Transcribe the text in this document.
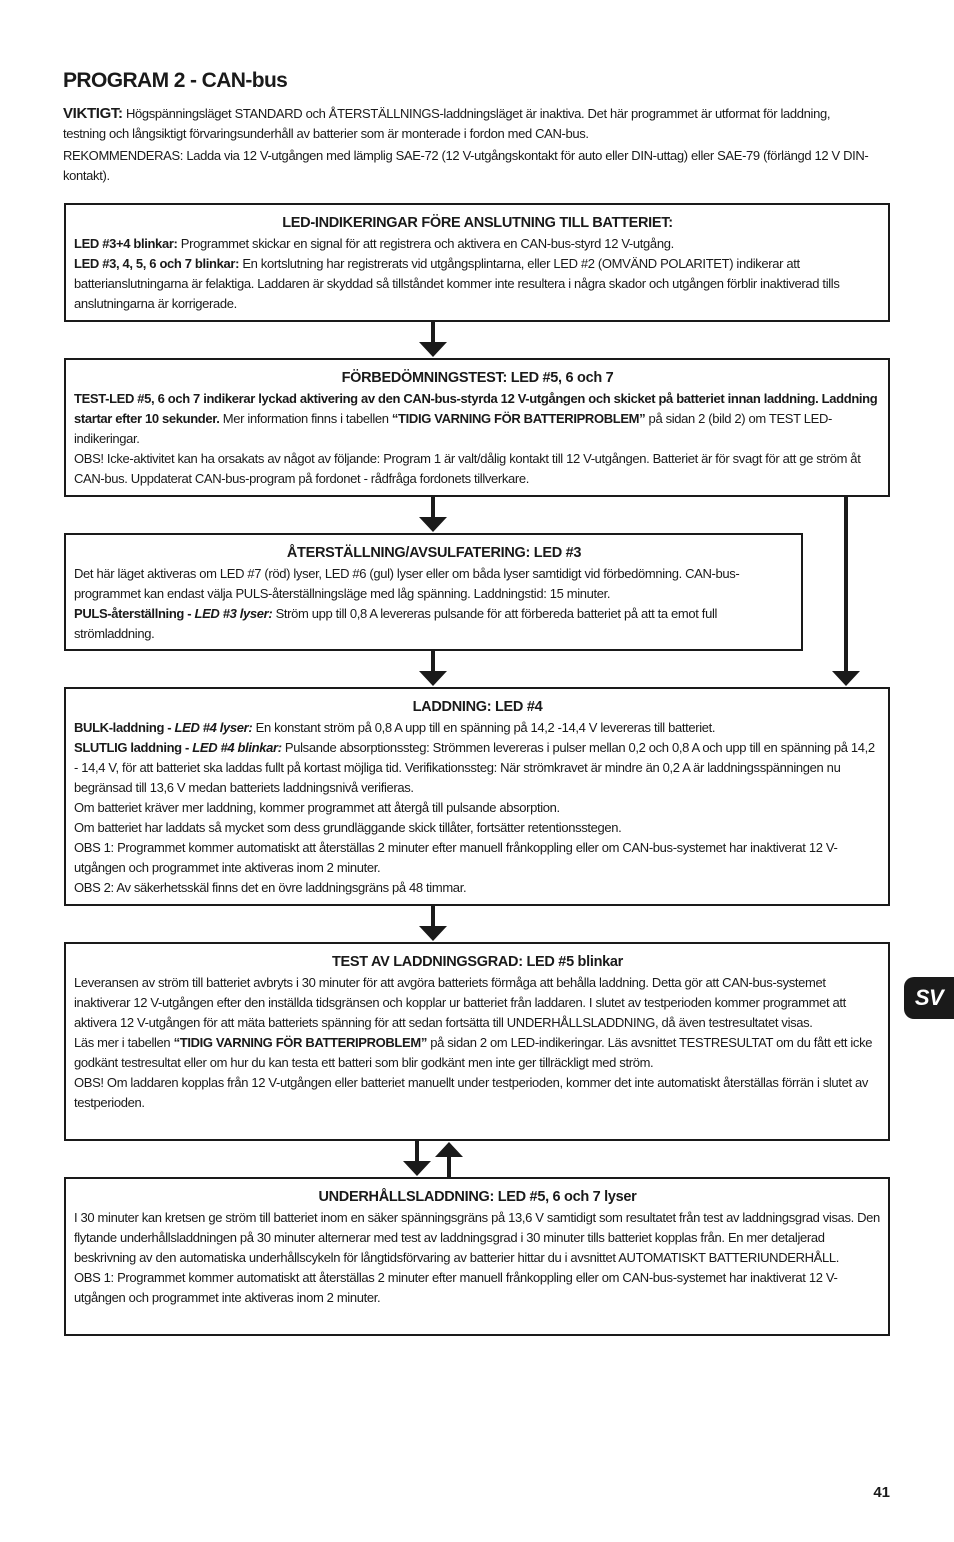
PROGRAM 2 - CAN-bus

VIKTIGT: Högspänningsläget STANDARD och ÅTERSTÄLLNINGS-laddningsläget är inaktiva. Det här programmet är utformat för laddning, testning och långsiktigt förvaringsunderhåll av batterier som är monterade i fordon med CAN-bus.

REKOMMENDERAS: Ladda via 12 V-utgången med lämplig SAE-72 (12 V-utgångskontakt för auto eller DIN-uttag) eller SAE-79 (förlängd 12 V DIN-kontakt).

LED-INDIKERINGAR FÖRE ANSLUTNING TILL BATTERIET:

LED #3+4 blinkar: Programmet skickar en signal för att registrera och aktivera en CAN-bus-styrd 12 V-utgång.

LED #3, 4, 5, 6 och 7 blinkar: En kortslutning har registrerats vid utgångsplintarna, eller LED #2 (OMVÄND POLARITET) indikerar att batterianslutningarna är felaktiga. Laddaren är skyddad så tillståndet kommer inte resultera i några skador och utgången förblir inaktiverad tills anslutningarna är korrigerade.

FÖRBEDÖMNINGSTEST: LED #5, 6 och 7

TEST-LED #5, 6 och 7 indikerar lyckad aktivering av den CAN-bus-styrda 12 V-utgången och skicket på batteriet innan laddning. Laddning startar efter 10 sekunder. Mer information finns i tabellen “TIDIG VARNING FÖR BATTERIPROBLEM” på sidan 2 (bild 2) om TEST LED-indikeringar.

OBS! Icke-aktivitet kan ha orsakats av något av följande: Program 1 är valt/dålig kontakt till 12 V-utgången. Batteriet är för svagt för att ge ström åt CAN-bus. Uppdaterat CAN-bus-program på fordonet - rådfråga fordonets tillverkare.

ÅTERSTÄLLNING/AVSULFATERING: LED #3

Det här läget aktiveras om LED #7 (röd) lyser, LED #6 (gul) lyser eller om båda lyser samtidigt vid förbedömning. CAN-bus-programmet kan endast välja PULS-återställningsläge med låg spänning. Laddningstid: 15 minuter.

PULS-återställning - LED #3 lyser: Ström upp till 0,8 A levereras pulsande för att förbereda batteriet på att ta emot full strömladdning.

LADDNING: LED #4

BULK-laddning - LED #4 lyser: En konstant ström på 0,8 A upp till en spänning på 14,2 -14,4 V levereras till batteriet.

SLUTLIG laddning - LED #4 blinkar: Pulsande absorptionssteg: Strömmen levereras i pulser mellan 0,2 och 0,8 A och upp till en spänning på 14,2 - 14,4 V, för att batteriet ska laddas fullt på kortast möjliga tid. Verifikationssteg: När strömkravet är mindre än 0,2 A är laddningsspänningen nu begränsad till 13,6 V medan batteriets laddningsnivå verifieras.

Om batteriet kräver mer laddning, kommer programmet att återgå till pulsande absorption.

Om batteriet har laddats så mycket som dess grundläggande skick tillåter, fortsätter retentionsstegen.

OBS 1: Programmet kommer automatiskt att återställas 2 minuter efter manuell frånkoppling eller om CAN-bus-systemet har inaktiverat 12 V-utgången och programmet inte aktiveras inom 2 minuter.

OBS 2: Av säkerhetsskäl finns det en övre laddningsgräns på 48 timmar.

TEST AV LADDNINGSGRAD: LED #5 blinkar

Leveransen av ström till batteriet avbryts i 30 minuter för att avgöra batteriets förmåga att behålla laddning. Detta gör att CAN-bus-systemet inaktiverar 12 V-utgången efter den inställda tidsgränsen och kopplar ur batteriet från laddaren. I slutet av testperioden kommer programmet att aktivera 12 V-utgången för att mäta batteriets spänning för att sedan fortsätta till UNDERHÅLLSLADDNING, då även testresultatet visas.

Läs mer i tabellen “TIDIG VARNING FÖR BATTERIPROBLEM” på sidan 2 om LED-indikeringar. Läs avsnittet TESTRESULTAT om du fått ett icke godkänt testresultat eller om hur du kan testa ett batteri som blir godkänt men inte ger tillräckligt med ström.

OBS! Om laddaren kopplas från 12 V-utgången eller batteriet manuellt under testperioden, kommer det inte automatiskt återställas förrän i slutet av testperioden.

UNDERHÅLLSLADDNING: LED #5, 6 och 7 lyser

I 30 minuter kan kretsen ge ström till batteriet inom en säker spänningsgräns på 13,6 V samtidigt som resultatet från test av laddningsgrad visas. Den flytande underhållsladdningen på 30 minuter alternerar med test av laddningsgrad i 30 minuter tills batteriet kopplas från. En mer detaljerad beskrivning av den automatiska underhållscykeln för långtidsförvaring av batterier hittar du i avsnittet AUTOMATISKT BATTERIUNDERHÅLL.

OBS 1: Programmet kommer automatiskt att återställas 2 minuter efter manuell frånkoppling eller om CAN-bus-systemet har inaktiverat 12 V-utgången och programmet inte aktiveras inom 2 minuter.

SV
41
